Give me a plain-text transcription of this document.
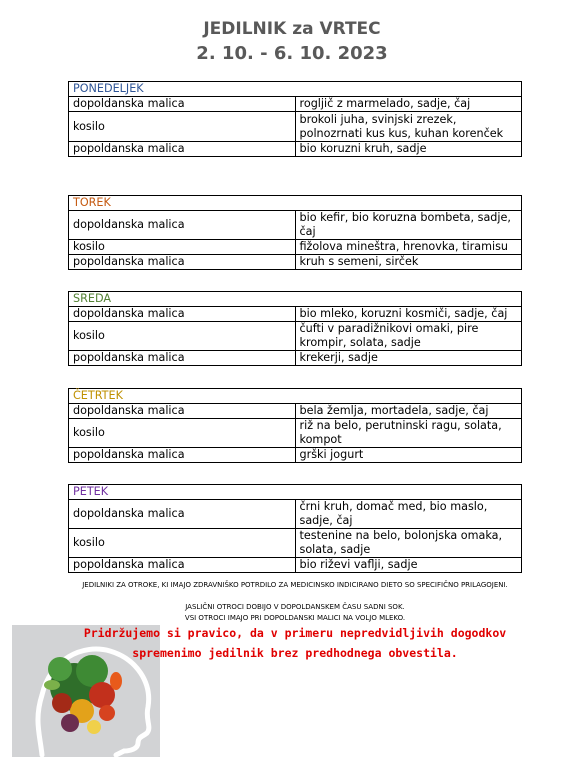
JEDILNIK za VRTEC
2. 10. - 6. 10. 2023
PONEDELJEK	
dopoldanska malica	rogljič z marmelado, sadje, čaj
kosilo	brokoli juha, svinjski zrezek, polnozrnati kus kus, kuhan korenček
popoldanska malica	bio koruzni kruh, sadje
TOREK	
dopoldanska malica	bio kefir, bio koruzna bombeta, sadje, čaj
kosilo	fižolova mineštra, hrenovka, tiramisu
popoldanska malica	kruh s semeni, sirček
SREDA	
dopoldanska malica	bio mleko, koruzni kosmiči, sadje, čaj
kosilo	čufti v paradižnikovi omaki, pire krompir, solata, sadje
popoldanska malica	krekerji, sadje
ČETRTEK	
dopoldanska malica	bela žemlja, mortadela, sadje, čaj
kosilo	riž na belo, perutninski ragu, solata, kompot
popoldanska malica	grški jogurt
PETEK	
dopoldanska malica	črni kruh, domač med, bio maslo, sadje, čaj
kosilo	testenine na belo, bolonjska omaka, solata, sadje
popoldanska malica	bio riževi vaflji, sadje
JEDILNIKI ZA OTROKE, KI IMAJO ZDRAVNIŠKO POTRDILO ZA MEDICINSKO INDICIRANO DIETO SO SPECIFIČNO PRILAGOJENI.
JASLIČNI OTROCI DOBIJO V DOPOLDANSKEM ČASU SADNI SOK.
VSI OTROCI IMAJO PRI DOPOLDANSKI MALICI NA VOLJO MLEKO.
Pridržujemo si pravico, da v primeru nepredvidljivih dogodkov
spremenimo jedilnik brez predhodnega obvestila.
